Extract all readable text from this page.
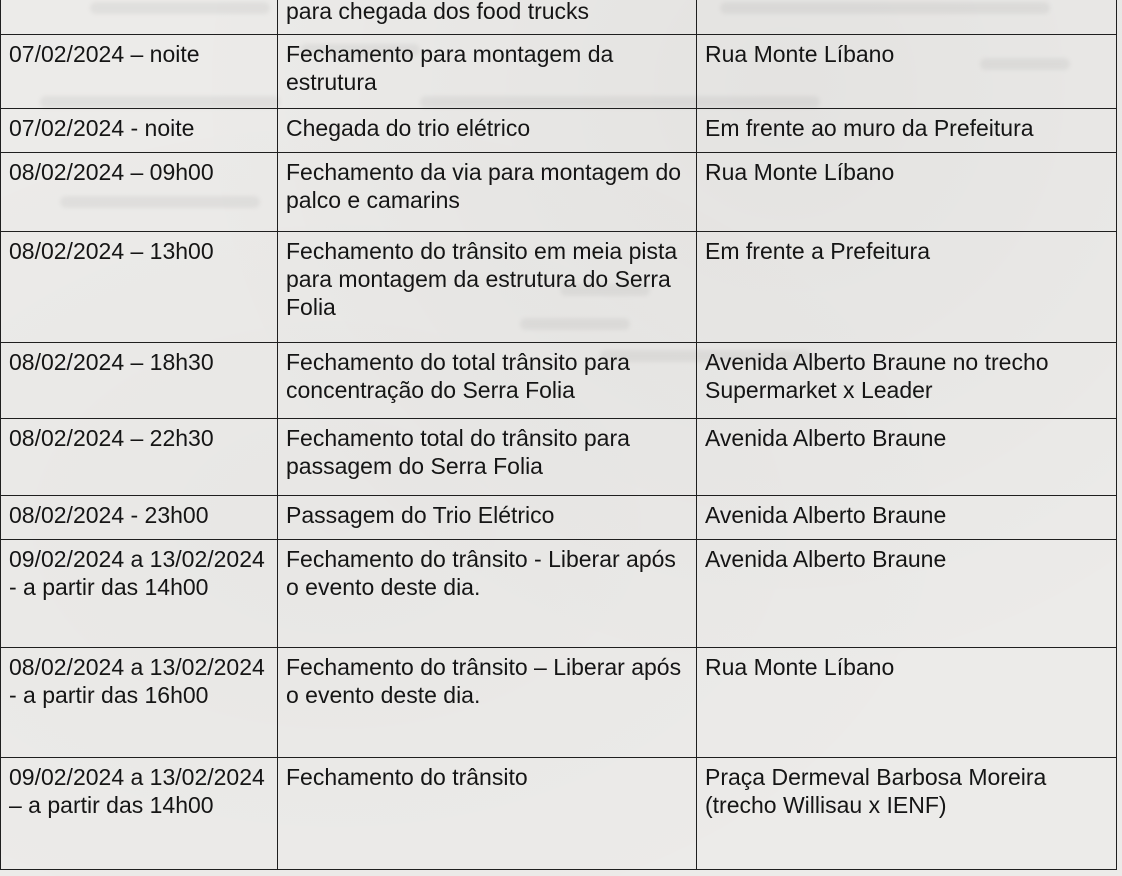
	para chegada dos food trucks	
07/02/2024 – noite	Fechamento para montagem da estrutura	Rua Monte Líbano
07/02/2024 - noite	Chegada do trio elétrico	Em frente ao muro da Prefeitura
08/02/2024 – 09h00	Fechamento da via para montagem do palco e camarins	Rua Monte Líbano
08/02/2024 – 13h00	Fechamento do trânsito em meia pista para montagem da estrutura do Serra Folia	Em frente a Prefeitura
08/02/2024 – 18h30	Fechamento do total trânsito para concentração do Serra Folia	Avenida Alberto Braune no trecho Supermarket x Leader
08/02/2024 – 22h30	Fechamento total do trânsito para passagem do Serra Folia	Avenida Alberto Braune
08/02/2024 - 23h00	Passagem do Trio Elétrico	Avenida Alberto Braune
09/02/2024 a 13/02/2024 - a partir das 14h00	Fechamento do trânsito - Liberar após o evento deste dia.	Avenida Alberto Braune
08/02/2024 a 13/02/2024 - a partir das 16h00	Fechamento do trânsito – Liberar após o evento deste dia.	Rua Monte Líbano
09/02/2024 a 13/02/2024 – a partir das 14h00	Fechamento do trânsito	Praça Dermeval Barbosa Moreira (trecho Willisau x IENF)
